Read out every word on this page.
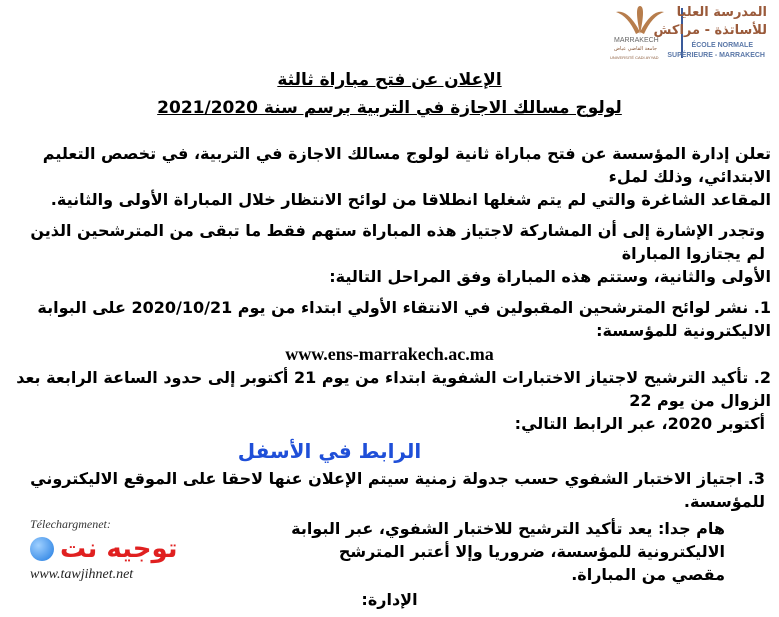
MARRAKECH
جامعة القاضي عياض
UNIVERSITÉ CADI AYYAD
المدرسة العليا
للأساتذة - مراكش
ÉCOLE NORMALE
SUPÉRIEURE - MARRAKECH
الإعلان عن فتح مباراة ثالثة
لولوج مسالك الاجازة في التربية برسم سنة 2021/2020
تعلن إدارة المؤسسة عن فتح مباراة ثانية لولوج مسالك الاجازة في التربية، في تخصص التعليم الابتدائي، وذلك لملء
المقاعد الشاغرة والتي لم يتم شغلها انطلاقا من لوائح الانتظار خلال المباراة الأولى والثانية.
وتجدر الإشارة إلى أن المشاركة لاجتياز هذه المباراة ستهم فقط ما تبقى من المترشحين الذين لم يجتازوا المباراة
الأولى والثانية، وستتم هذه المباراة وفق المراحل التالية:
1. نشر لوائح المترشحين المقبولين في الانتقاء الأولي ابتداء من يوم 2020/10/21 على البوابة الاليكترونية للمؤسسة:
www.ens-marrakech.ac.ma
2. تأكيد الترشيح لاجتياز الاختبارات الشفوية ابتداء من يوم 21 أكتوبر إلى حدود الساعة الرابعة بعد الزوال من يوم 22
أكتوبر 2020، عبر الرابط التالي:
الرابط في الأسفل
3. اجتياز الاختبار الشفوي حسب جدولة زمنية سيتم الإعلان عنها لاحقا على الموقع الاليكتروني للمؤسسة.
Télechargmenet:
توجيه نت
www.tawjihnet.net
هام جدا: يعد تأكيد الترشيح للاختبار الشفوي، عبر البوابة الاليكترونية للمؤسسة، ضروريا وإلا أعتبر المترشح
مقصي من المباراة.
الإدارة:
